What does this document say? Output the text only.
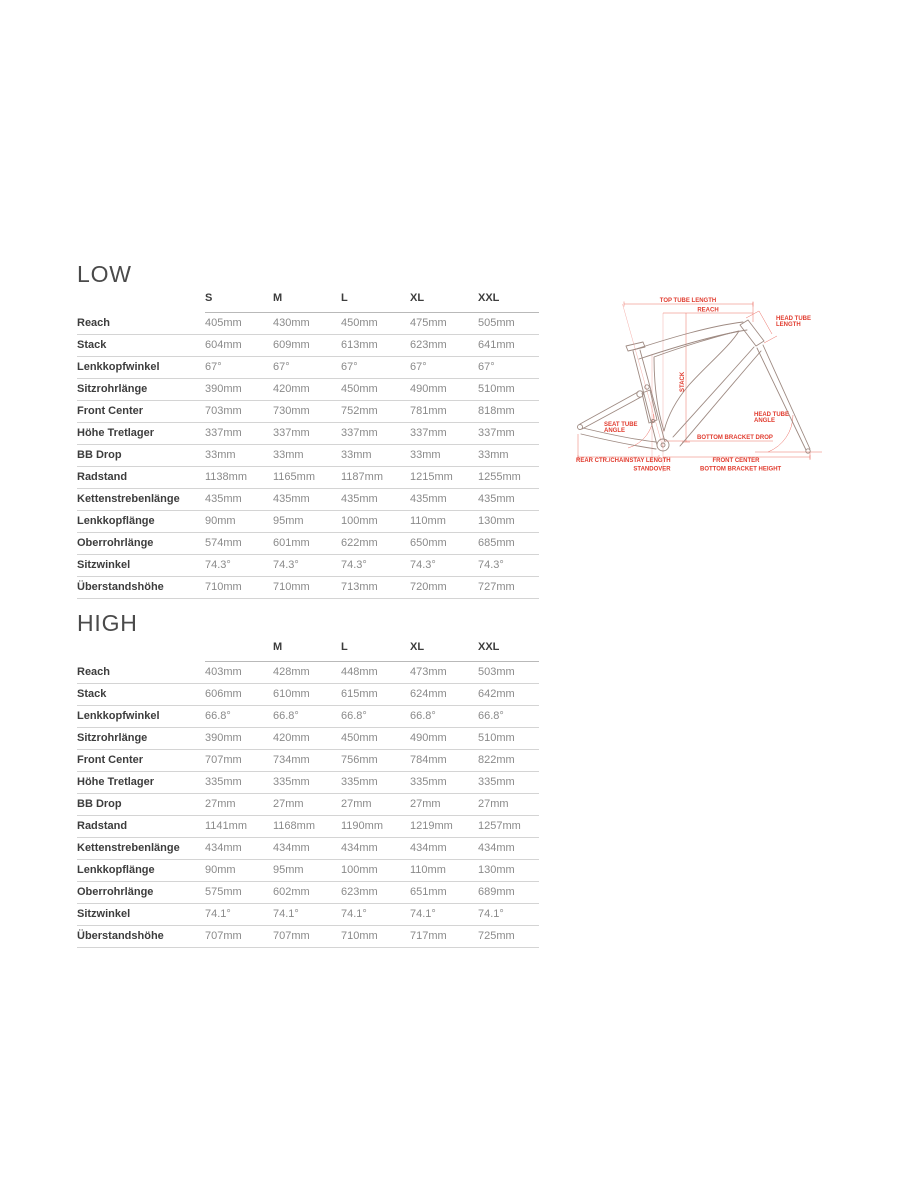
LOW
	S	M	L	XL	XXL
Reach	405mm	430mm	450mm	475mm	505mm
Stack	604mm	609mm	613mm	623mm	641mm
Lenkkopfwinkel	67°	67°	67°	67°	67°
Sitzrohrlänge	390mm	420mm	450mm	490mm	510mm
Front Center	703mm	730mm	752mm	781mm	818mm
Höhe Tretlager	337mm	337mm	337mm	337mm	337mm
BB Drop	33mm	33mm	33mm	33mm	33mm
Radstand	1138mm	1165mm	1187mm	1215mm	1255mm
Kettenstrebenlänge	435mm	435mm	435mm	435mm	435mm
Lenkkopflänge	90mm	95mm	100mm	110mm	130mm
Oberrohrlänge	574mm	601mm	622mm	650mm	685mm
Sitzwinkel	74.3°	74.3°	74.3°	74.3°	74.3°
Überstandshöhe	710mm	710mm	713mm	720mm	727mm
HIGH
		M	L	XL	XXL
Reach	403mm	428mm	448mm	473mm	503mm
Stack	606mm	610mm	615mm	624mm	642mm
Lenkkopfwinkel	66.8°	66.8°	66.8°	66.8°	66.8°
Sitzrohrlänge	390mm	420mm	450mm	490mm	510mm
Front Center	707mm	734mm	756mm	784mm	822mm
Höhe Tretlager	335mm	335mm	335mm	335mm	335mm
BB Drop	27mm	27mm	27mm	27mm	27mm
Radstand	1141mm	1168mm	1190mm	1219mm	1257mm
Kettenstrebenlänge	434mm	434mm	434mm	434mm	434mm
Lenkkopflänge	90mm	95mm	100mm	110mm	130mm
Oberrohrlänge	575mm	602mm	623mm	651mm	689mm
Sitzwinkel	74.1°	74.1°	74.1°	74.1°	74.1°
Überstandshöhe	707mm	707mm	710mm	717mm	725mm
TOP TUBE LENGTH
REACH
HEAD TUBE
LENGTH
STACK
SEAT TUBE
ANGLE
HEAD TUBE
ANGLE
BOTTOM BRACKET DROP
REAR CTR./CHAINSTAY LENGTH	FRONT CENTER
STANDOVER	BOTTOM BRACKET HEIGHT
